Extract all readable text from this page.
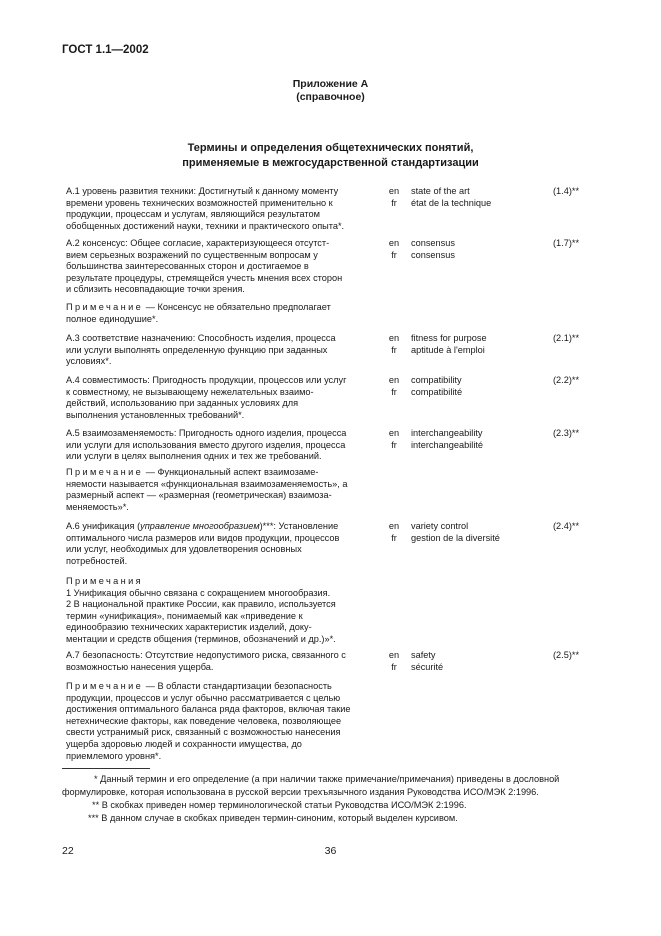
ГОСТ 1.1—2002
Приложение А
(справочное)
Термины и определения общетехнических понятий,
применяемые в межгосударственной стандартизации
A.1 уровень развития техники: Достигнутый к данному моменту
времени уровень технических возможностей применительно к
продукции, процессам и услугам, являющийся результатом
обобщенных достижений науки, техники и практического опыта*.
en
fr
state of the art
état de la technique
(1.4)**
A.2 консенсус: Общее согласие, характеризующееся отсутст-
вием серьезных возражений по существенным вопросам у
большинства заинтересованных сторон и достигаемое в
результате процедуры, стремящейся учесть мнения всех сторон
и сблизить несовпадающие точки зрения.
en
fr
consensus
consensus
(1.7)**
Примечание — Консенсус не обязательно предполагает
полное единодушие*.
A.3 соответствие назначению: Способность изделия, процесса
или услуги выполнять определенную функцию при заданных
условиях*.
en
fr
fitness for purpose
aptitude à l'emploi
(2.1)**
A.4 совместимость: Пригодность продукции, процессов или услуг
к совместному, не вызывающему нежелательных взаимо-
действий, использованию при заданных условиях для
выполнения установленных требований*.
en
fr
compatibility
compatibilité
(2.2)**
A.5 взаимозаменяемость: Пригодность одного изделия, процесса
или услуги для использования вместо другого изделия, процесса
или услуги в целях выполнения одних и тех же требований.
en
fr
interchangeability
interchangeabilité
(2.3)**
Примечание — Функциональный аспект взаимозаме-
няемости называется «функциональная взаимозаменяемость», а
размерный аспект — «размерная (геометрическая) взаимоза-
меняемость»*.
A.6 унификация (управление многообразием)***: Установление
оптимального числа размеров или видов продукции, процессов
или услуг, необходимых для удовлетворения основных
потребностей.
en
fr
variety control
gestion de la diversité
(2.4)**
Примечания
1 Унификация обычно связана с сокращением многообразия.
2 В национальной практике России, как правило, используется
термин «унификация», понимаемый как «приведение к
единообразию технических характеристик изделий, доку-
ментации и средств общения (терминов, обозначений и др.)»*.
A.7 безопасность: Отсутствие недопустимого риска, связанного с
возможностью нанесения ущерба.
en
fr
safety
sécurité
(2.5)**
Примечание — В области стандартизации безопасность
продукции, процессов и услуг обычно рассматривается с целью
достижения оптимального баланса ряда факторов, включая такие
нетехнические факторы, как поведение человека, позволяющее
свести устранимый риск, связанный с возможностью нанесения
ущерба здоровью людей и сохранности имущества, до
приемлемого уровня*.
* Данный термин и его определение (а при наличии также примечание/примечания) приведены в дословной
формулировке, которая использована в русской версии трехъязычного издания Руководства ИСО/МЭК 2:1996.
** В скобках приведен номер терминологической статьи Руководства ИСО/МЭК 2:1996.
*** В данном случае в скобках приведен термин-синоним, который выделен курсивом.
22	36
